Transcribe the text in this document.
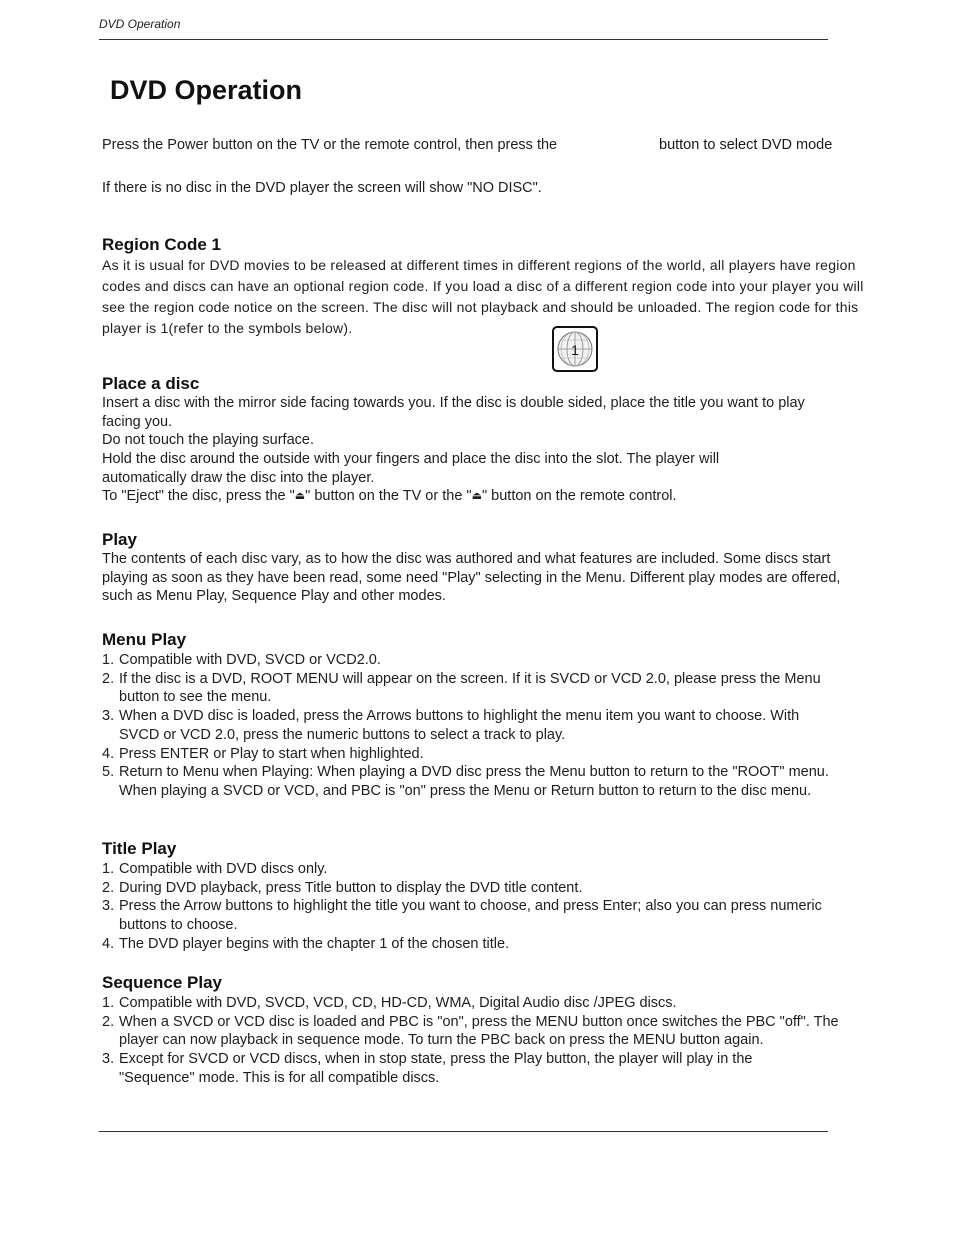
DVD Operation
DVD Operation

Press the Power button on the TV or the remote control, then press the	button to select DVD mode

If there is no disc in the DVD player the screen will show "NO DISC".

Region Code 1

As it is usual for DVD movies to be released at different times in different regions of the world, all players have region codes and discs can have an optional region code. If you load a disc of a different region code into your player you will see the region code notice on the screen. The disc will not playback and should be unloaded. The region code for this player is 1(refer to the symbols below).

1
Place a disc

Insert a disc with the mirror side facing towards you. If the disc is double sided, place the title you want to play facing you.

Do not touch the playing surface.

Hold the disc around the outside with your fingers and place the disc into the slot. The player will automatically draw the disc into the player.

To "Eject" the disc, press the "⏏" button on the TV or the "⏏" button on the remote control.

Play

The contents of each disc vary, as to how the disc was authored and what features are included. Some discs start playing as soon as they have been read, some need "Play" selecting in the Menu. Different play modes are offered, such as Menu Play, Sequence Play and other modes.

Menu Play
1. Compatible with DVD, SVCD or VCD2.0.
2. If the disc is a DVD, ROOT MENU will appear on the screen. If it is SVCD or VCD 2.0, please press the Menu button to see the menu.
3. When a DVD disc is loaded, press the Arrows buttons to highlight the menu item you want to choose. With SVCD or VCD 2.0, press the numeric buttons to select a track to play.
4. Press ENTER or Play to start when highlighted.
5. Return to Menu when Playing: When playing a DVD disc press the Menu button to return to the "ROOT" menu. When playing a SVCD or VCD, and PBC is "on" press the Menu or Return button to return to the disc menu.
Title Play
1. Compatible with DVD discs only.
2. During DVD playback, press Title button to display the DVD title content.
3. Press the Arrow buttons to highlight the title you want to choose, and press Enter; also you can press numeric buttons to choose.
4. The DVD player begins with the chapter 1 of the chosen title.
Sequence Play
1. Compatible with DVD, SVCD, VCD, CD, HD-CD, WMA, Digital Audio disc /JPEG discs.
2. When a SVCD or VCD disc is loaded and PBC is "on", press the MENU button once switches the PBC "off". The player can now playback in sequence mode. To turn the PBC back on press the MENU button again.
3. Except for SVCD or VCD discs, when in stop state, press the Play button, the player will play in the "Sequence" mode. This is for all compatible discs.
